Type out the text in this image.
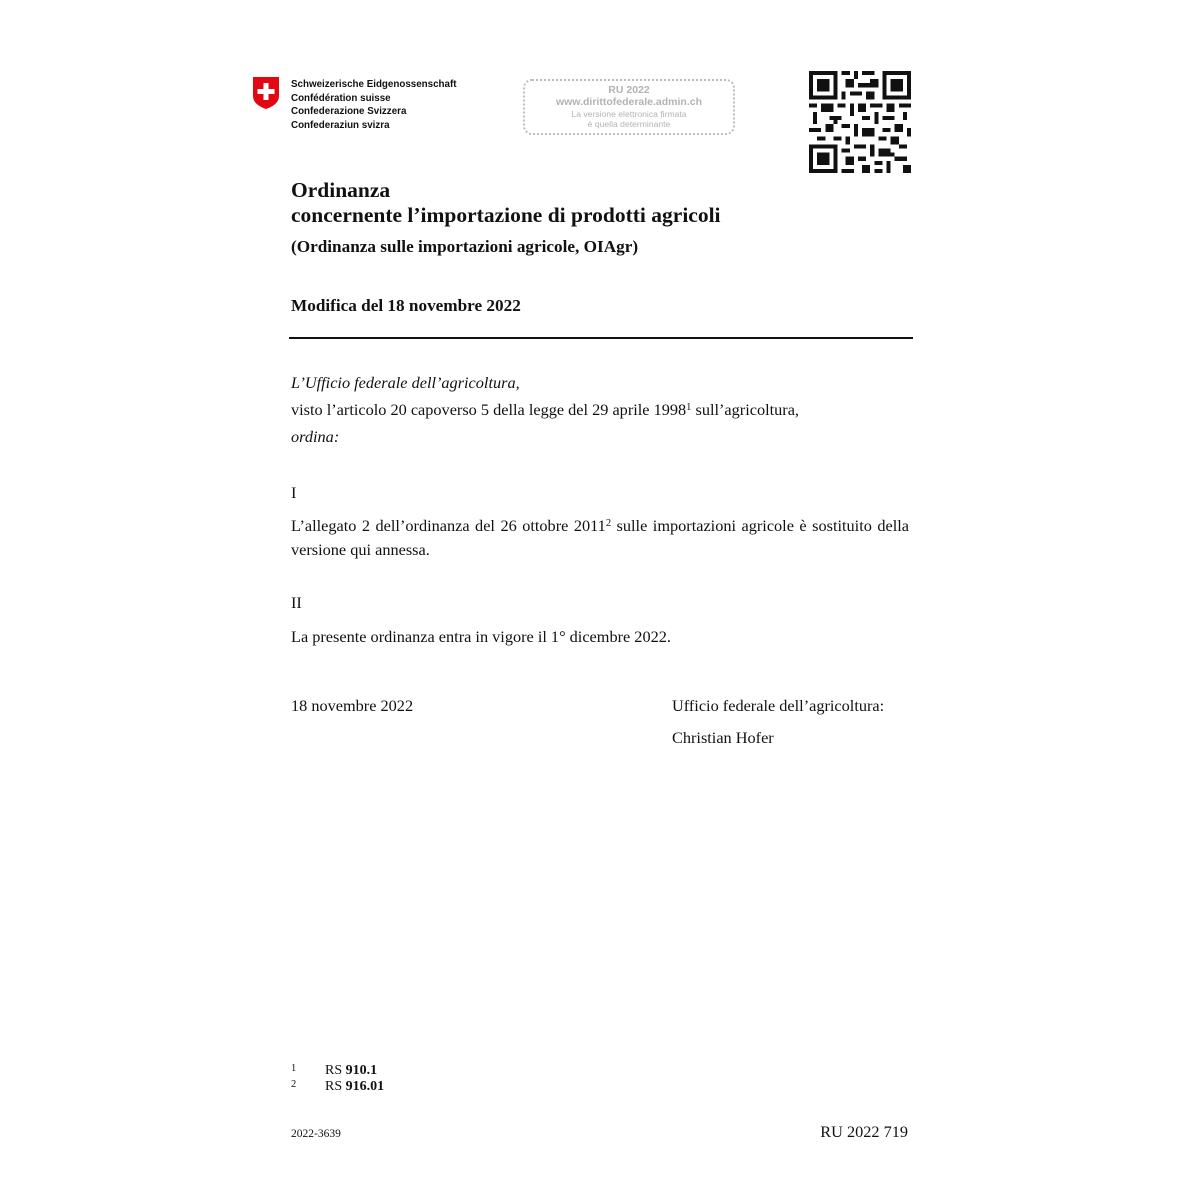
Schweizerische Eidgenossenschaft
Confédération suisse
Confederazione Svizzera
Confederaziun svizra
RU 2022
www.dirittofederale.admin.ch
La versione elettronica firmata
è quella determinante
Ordinanza
concernente l’importazione di prodotti agricoli
(Ordinanza sulle importazioni agricole, OIAgr)
Modifica del 18 novembre 2022
L’Ufficio federale dell’agricoltura,
visto l’articolo 20 capoverso 5 della legge del 29 aprile 1998$^1$ sull’agricoltura,
ordina:
I
L’allegato 2 dell’ordinanza del 26 ottobre 2011$^2$ sulle importazioni agricole è sostituito della versione qui annessa.
II
La presente ordinanza entra in vigore il 1° dicembre 2022.
18 novembre 2022	Ufficio federale dell’agricoltura:
Christian Hofer
1	RS 910.1
2	RS 916.01
2022-3639	RU 2022 719
